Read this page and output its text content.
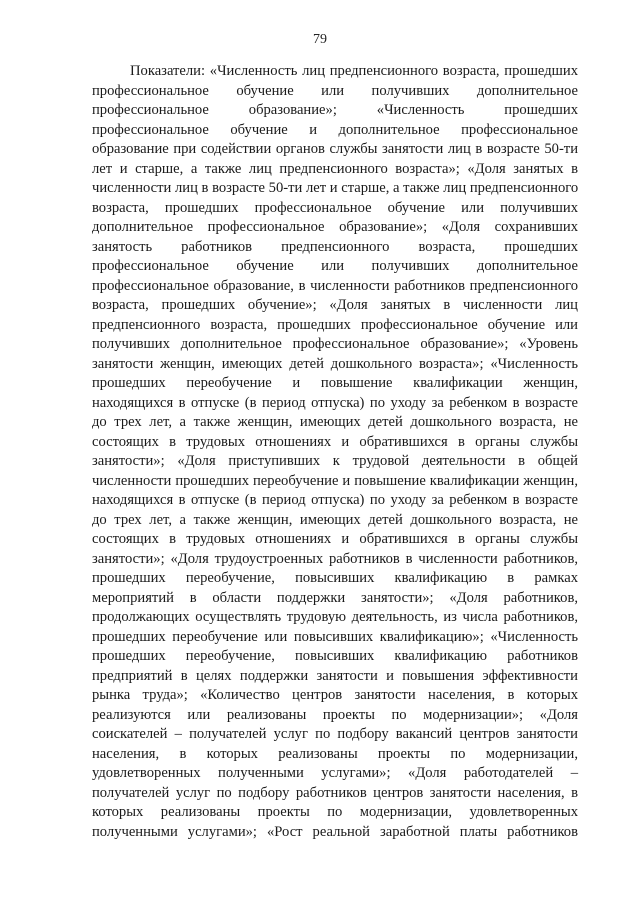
79
Показатели: «Численность лиц предпенсионного возраста, прошедших
профессиональное обучение или получивших дополнительное
профессиональное образование»; «Численность прошедших
профессиональное обучение и дополнительное профессиональное
образование при содействии органов службы занятости лиц в возрасте 50-ти
лет и старше, а также лиц предпенсионного возраста»; «Доля занятых в
численности лиц в возрасте 50-ти лет и старше, а также лиц предпенсионного
возраста, прошедших профессиональное обучение или получивших
дополнительное профессиональное образование»; «Доля сохранивших
занятость работников предпенсионного возраста, прошедших
профессиональное обучение или получивших дополнительное
профессиональное образование, в численности работников предпенсионного
возраста, прошедших обучение»; «Доля занятых в численности лиц
предпенсионного возраста, прошедших профессиональное обучение или
получивших дополнительное профессиональное образование»; «Уровень
занятости женщин, имеющих детей дошкольного возраста»; «Численность
прошедших переобучение и повышение квалификации женщин,
находящихся в отпуске (в период отпуска) по уходу за ребенком в возрасте
до трех лет, а также женщин, имеющих детей дошкольного возраста, не
состоящих в трудовых отношениях и обратившихся в органы службы
занятости»; «Доля приступивших к трудовой деятельности в общей
численности прошедших переобучение и повышение квалификации женщин,
находящихся в отпуске (в период отпуска) по уходу за ребенком в возрасте
до трех лет, а также женщин, имеющих детей дошкольного возраста, не
состоящих в трудовых отношениях и обратившихся в органы службы
занятости»; «Доля трудоустроенных работников в численности работников,
прошедших переобучение, повысивших квалификацию в рамках
мероприятий в области поддержки занятости»; «Доля работников,
продолжающих осуществлять трудовую деятельность, из числа работников,
прошедших переобучение или повысивших квалификацию»; «Численность
прошедших переобучение, повысивших квалификацию работников
предприятий в целях поддержки занятости и повышения эффективности
рынка труда»; «Количество центров занятости населения, в которых
реализуются или реализованы проекты по модернизации»; «Доля
соискателей – получателей услуг по подбору вакансий центров занятости
населения, в которых реализованы проекты по модернизации,
удовлетворенных полученными услугами»; «Доля работодателей –
получателей услуг по подбору работников центров занятости населения, в
которых реализованы проекты по модернизации, удовлетворенных
полученными услугами»; «Рост реальной заработной платы работников
